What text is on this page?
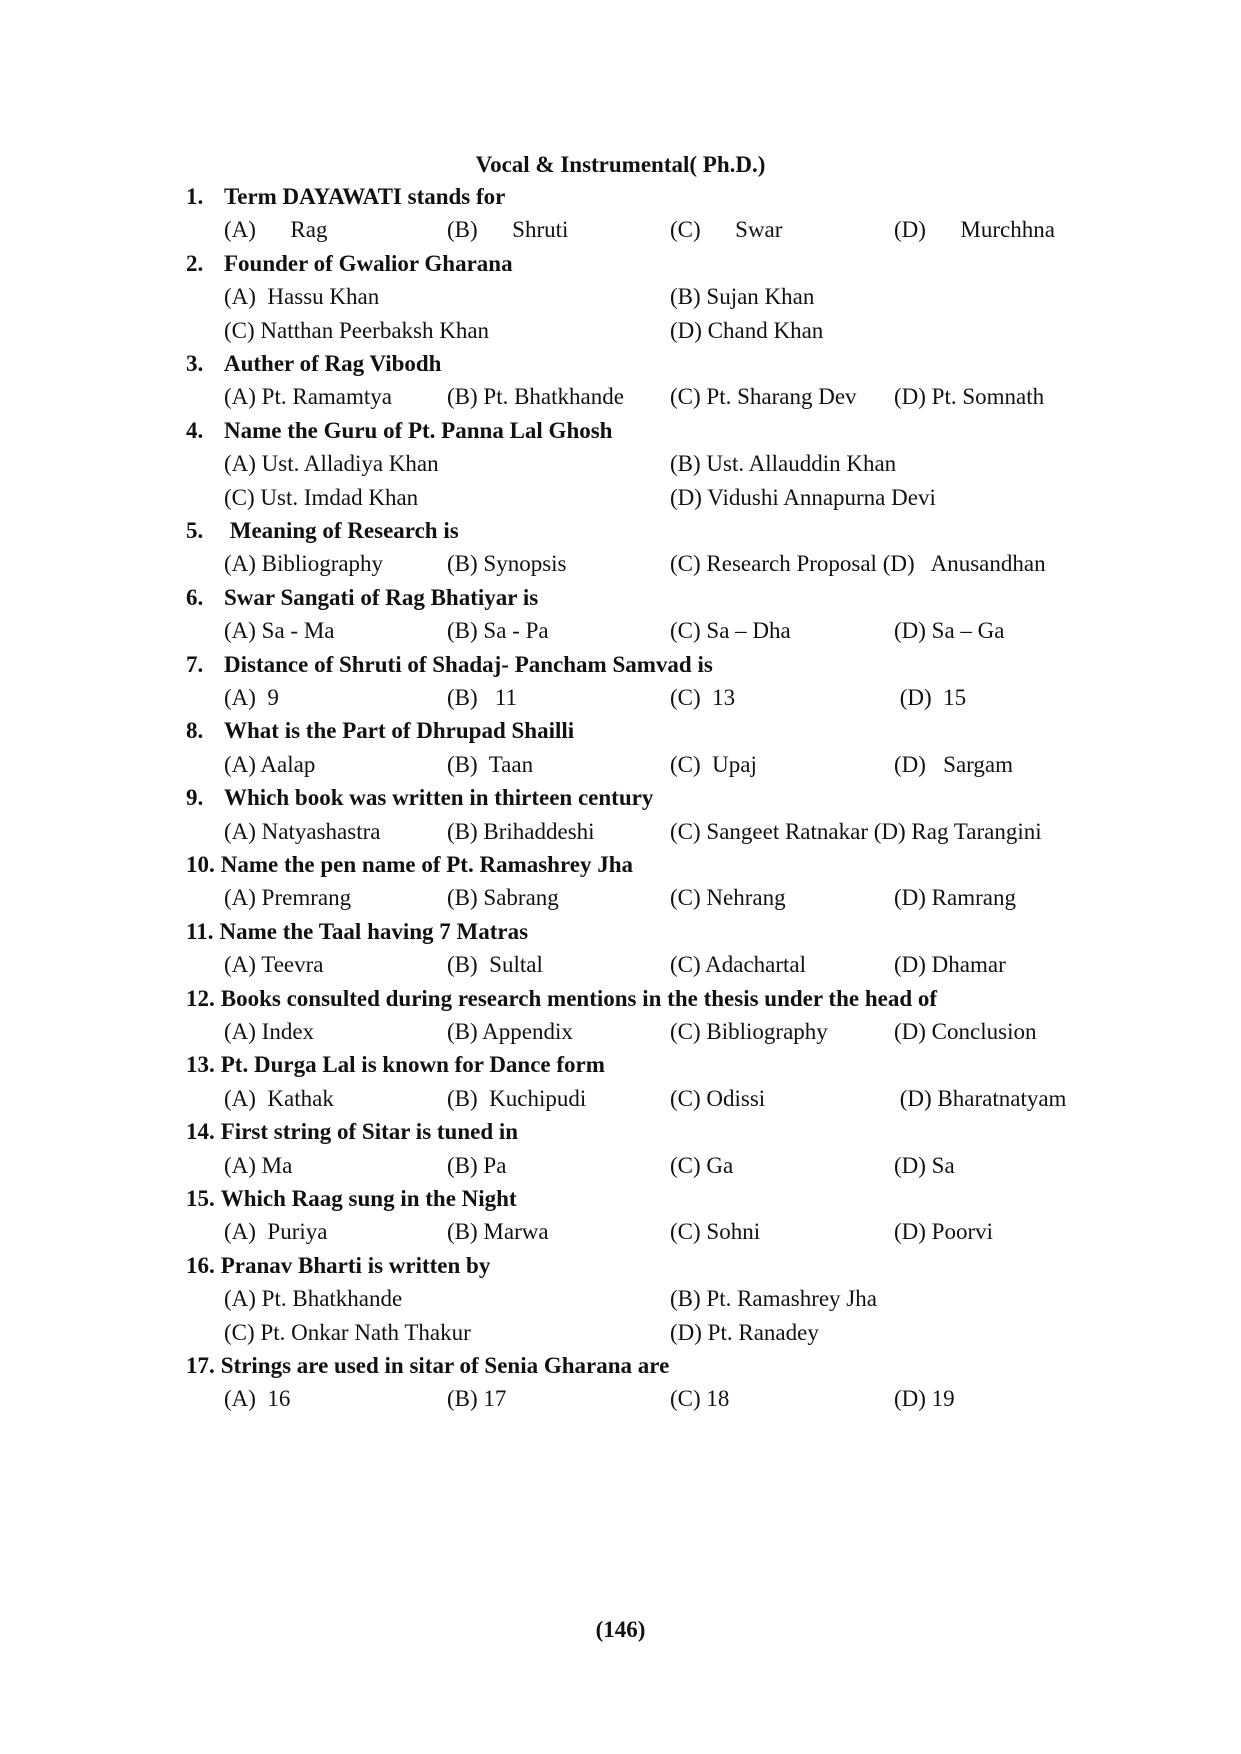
Vocal & Instrumental( Ph.D.)
1. Term DAYAWATI stands for
(A)      Rag	(B)      Shruti	(C)      Swar	(D)      Murchhna
2. Founder of Gwalior Gharana
(A)  Hassu Khan	(B) Sujan Khan
(C) Natthan Peerbaksh Khan	(D) Chand Khan
3. Auther of Rag Vibodh
(A) Pt. Ramamtya (B) Pt. Bhatkhande (C) Pt. Sharang Dev (D) Pt. Somnath
4. Name the Guru of Pt. Panna Lal Ghosh
(A) Ust. Alladiya Khan	(B) Ust. Allauddin Khan
(C) Ust. Imdad Khan	(D) Vidushi Annapurna Devi
5. Meaning of Research is
(A) Bibliography	(B) Synopsis	(C) Research Proposal (D)   Anusandhan
6. Swar Sangati of Rag Bhatiyar is
(A) Sa - Ma	(B) Sa - Pa	(C) Sa – Dha	(D) Sa – Ga
7. Distance of Shruti of Shadaj- Pancham Samvad is
(A)  9	(B)   11	(C)  13	(D)  15
8. What is the Part of Dhrupad Shailli
(A) Aalap	(B)  Taan	(C)  Upaj	(D)   Sargam
9. Which book was written in thirteen century
(A) Natyashastra	(B) Brihaddeshi	(C) Sangeet Ratnakar (D) Rag Tarangini
10. Name the pen name of Pt. Ramashrey Jha
(A) Premrang	(B) Sabrang	(C) Nehrang	(D) Ramrang
11. Name the Taal having 7 Matras
(A) Teevra	(B)  Sultal	(C) Adachartal	(D) Dhamar
12. Books consulted during research mentions in the thesis under the head of
(A) Index	(B) Appendix	(C) Bibliography	(D) Conclusion
13. Pt. Durga Lal is known for Dance form
(A)  Kathak	(B)  Kuchipudi	(C) Odissi	(D) Bharatnatyam
14. First string of Sitar is tuned in
(A) Ma	(B) Pa	(C) Ga	(D) Sa
15. Which Raag sung in the Night
(A)  Puriya	(B) Marwa	(C) Sohni	(D) Poorvi
16. Pranav Bharti is written by
(A) Pt. Bhatkhande	(B) Pt. Ramashrey Jha
(C) Pt. Onkar Nath Thakur	(D) Pt. Ranadey
17. Strings are used in sitar of Senia Gharana are
(A)  16	(B) 17	(C) 18	(D) 19
(146)
